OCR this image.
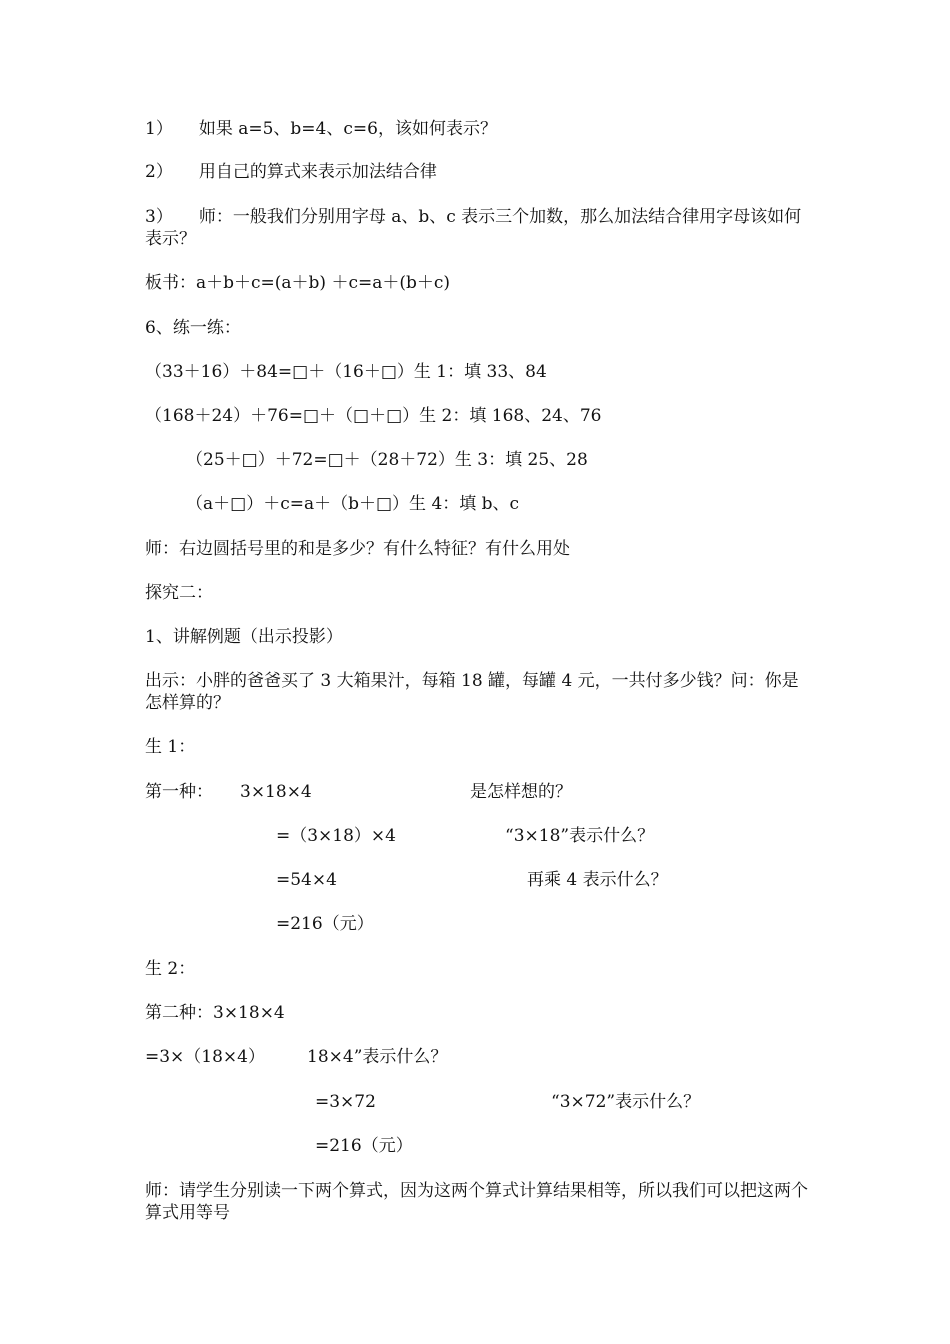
1） 如果 a=5、b=4、c=6，该如何表示？
2） 用自己的算式来表示加法结合律
3） 师：一般我们分别用字母 a、b、c 表示三个加数，那么加法结合律用字母该如何表示？
板书：a＋b＋c=(a＋b) ＋c=a＋(b＋c)
6、练一练：
（33＋16）＋84=□＋（16＋□）生 1：填 33、84
（168＋24）＋76=□＋（□＋□）生 2：填 168、24、76
（25＋□）＋72=□＋（28＋72）生 3：填 25、28
（a＋□）＋c=a＋（b＋□）生 4：填 b、c
师：右边圆括号里的和是多少？有什么特征？有什么用处
探究二：
1、讲解例题（出示投影）
出示：小胖的爸爸买了 3 大箱果汁，每箱 18 罐，每罐 4 元，一共付多少钱？问：你是怎样算的？
生 1：
第一种： 3×18×4	是怎样想的？
=（3×18）×4	“3×18”表示什么？
=54×4	再乘 4 表示什么？
=216（元）
生 2：
第二种：3×18×4
=3×（18×4） 18×4”表示什么？
=3×72	“3×72”表示什么？
=216（元）
师：请学生分别读一下两个算式，因为这两个算式计算结果相等，所以我们可以把这两个算式用等号
